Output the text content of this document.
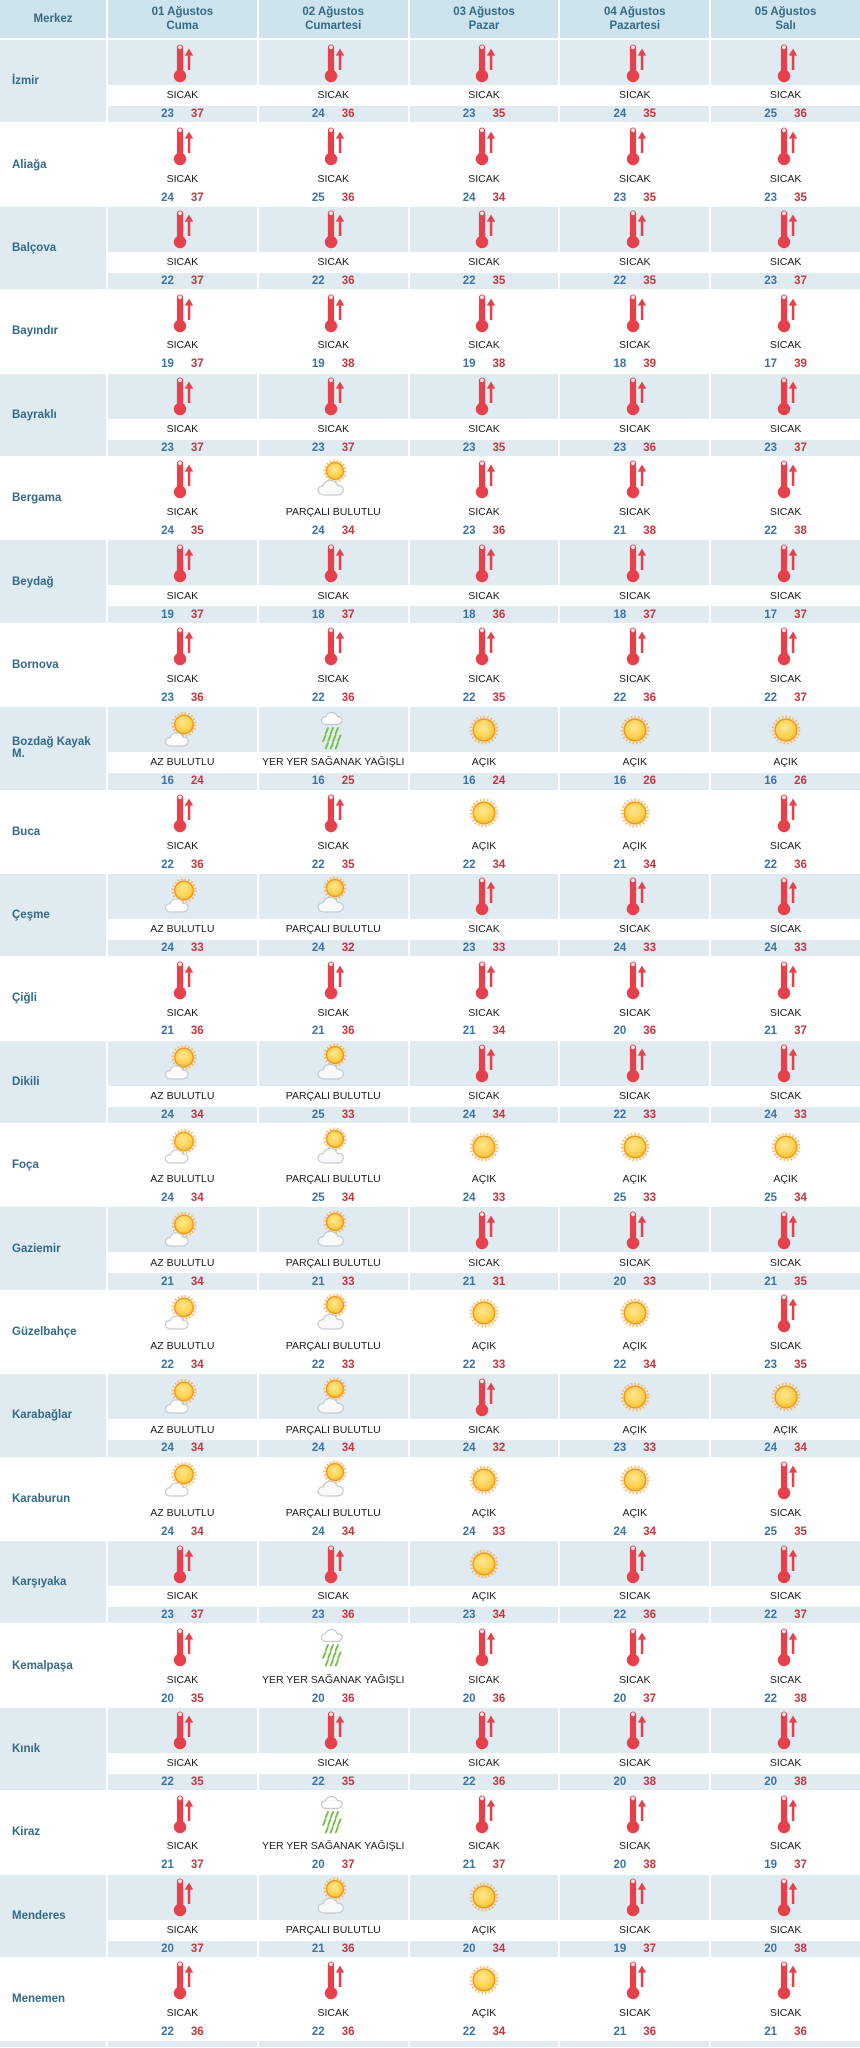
Merkez
01 Ağustos
Cuma
02 Ağustos
Cumartesi
03 Ağustos
Pazar
04 Ağustos
Pazartesi
05 Ağustos
Salı
İzmir
SICAK
23 37
SICAK
24 36
SICAK
23 35
SICAK
24 35
SICAK
25 36
Aliağa
SICAK
24 37
SICAK
25 36
SICAK
24 34
SICAK
23 35
SICAK
23 35
Balçova
SICAK
22 37
SICAK
22 36
SICAK
22 35
SICAK
22 35
SICAK
23 37
Bayındır
SICAK
19 37
SICAK
19 38
SICAK
19 38
SICAK
18 39
SICAK
17 39
Bayraklı
SICAK
23 37
SICAK
23 37
SICAK
23 35
SICAK
23 36
SICAK
23 37
Bergama
SICAK
24 35
PARÇALI BULUTLU
24 34
SICAK
23 36
SICAK
21 38
SICAK
22 38
Beydağ
SICAK
19 37
SICAK
18 37
SICAK
18 36
SICAK
18 37
SICAK
17 37
Bornova
SICAK
23 36
SICAK
22 36
SICAK
22 35
SICAK
22 36
SICAK
22 37
Bozdağ Kayak M.
AZ BULUTLU
16 24
YER YER SAĞANAK YAĞIŞLI
16 25
AÇIK
16 24
AÇIK
16 26
AÇIK
16 26
Buca
SICAK
22 36
SICAK
22 35
AÇIK
22 34
AÇIK
21 34
SICAK
22 36
Çeşme
AZ BULUTLU
24 33
PARÇALI BULUTLU
24 32
SICAK
23 33
SICAK
24 33
SICAK
24 33
Çiğli
SICAK
21 36
SICAK
21 36
SICAK
21 34
SICAK
20 36
SICAK
21 37
Dikili
AZ BULUTLU
24 34
PARÇALI BULUTLU
25 33
SICAK
24 34
SICAK
22 33
SICAK
24 33
Foça
AZ BULUTLU
24 34
PARÇALI BULUTLU
25 34
AÇIK
24 33
AÇIK
25 33
AÇIK
25 34
Gaziemir
AZ BULUTLU
21 34
PARÇALI BULUTLU
21 33
SICAK
21 31
SICAK
20 33
SICAK
21 35
Güzelbahçe
AZ BULUTLU
22 34
PARÇALI BULUTLU
22 33
AÇIK
22 33
AÇIK
22 34
SICAK
23 35
Karabağlar
AZ BULUTLU
24 34
PARÇALI BULUTLU
24 34
SICAK
24 32
AÇIK
23 33
AÇIK
24 34
Karaburun
AZ BULUTLU
24 34
PARÇALI BULUTLU
24 34
AÇIK
24 33
AÇIK
24 34
SICAK
25 35
Karşıyaka
SICAK
23 37
SICAK
23 36
AÇIK
23 34
SICAK
22 36
SICAK
22 37
Kemalpaşa
SICAK
20 35
YER YER SAĞANAK YAĞIŞLI
20 36
SICAK
20 36
SICAK
20 37
SICAK
22 38
Kınık
SICAK
22 35
SICAK
22 35
SICAK
22 36
SICAK
20 38
SICAK
20 38
Kiraz
SICAK
21 37
YER YER SAĞANAK YAĞIŞLI
20 37
SICAK
21 37
SICAK
20 38
SICAK
19 37
Menderes
SICAK
20 37
PARÇALI BULUTLU
21 36
AÇIK
20 34
SICAK
19 37
SICAK
20 38
Menemen
SICAK
22 36
SICAK
22 36
AÇIK
22 34
SICAK
21 36
SICAK
21 36
